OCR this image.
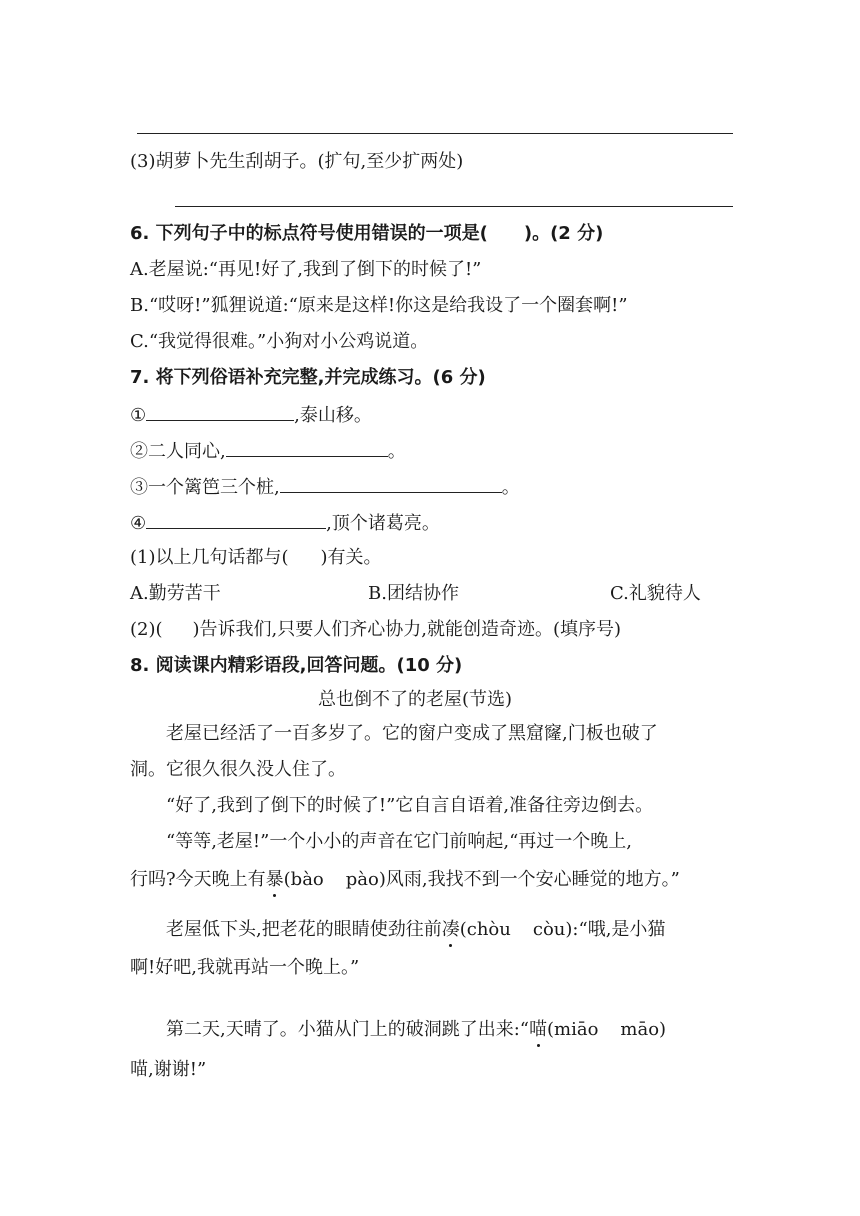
(3)胡萝卜先生刮胡子。(扩句,至少扩两处)
6. 下列句子中的标点符号使用错误的一项是( )。(2 分)
A.老屋说:“再见!好了,我到了倒下的时候了!”
B.“哎呀!”狐狸说道:“原来是这样!你这是给我设了一个圈套啊!”
C.“我觉得很难。”小狗对小公鸡说道。
7. 将下列俗语补充完整,并完成练习。(6 分)
①	,泰山移。
②二人同心,	。
③一个篱笆三个桩,	。
④	,顶个诸葛亮。
(1)以上几句话都与( )有关。
A.勤劳苦干	B.团结协作	C.礼貌待人
(2)( )告诉我们,只要人们齐心协力,就能创造奇迹。(填序号)
8. 阅读课内精彩语段,回答问题。(10 分)
总也倒不了的老屋(节选)
老屋已经活了一百多岁了。它的窗户变成了黑窟窿,门板也破了
洞。它很久很久没人住了。
“好了,我到了倒下的时候了!”它自言自语着,准备往旁边倒去。
“等等,老屋!”一个小小的声音在它门前响起,“再过一个晚上,
行吗?今天晚上有暴(bào pào)风雨,我找不到一个安心睡觉的地方。”
老屋低下头,把老花的眼睛使劲往前凑(chòu còu):“哦,是小猫
啊!好吧,我就再站一个晚上。”
第二天,天晴了。小猫从门上的破洞跳了出来:“喵(miāo māo)
喵,谢谢!”
